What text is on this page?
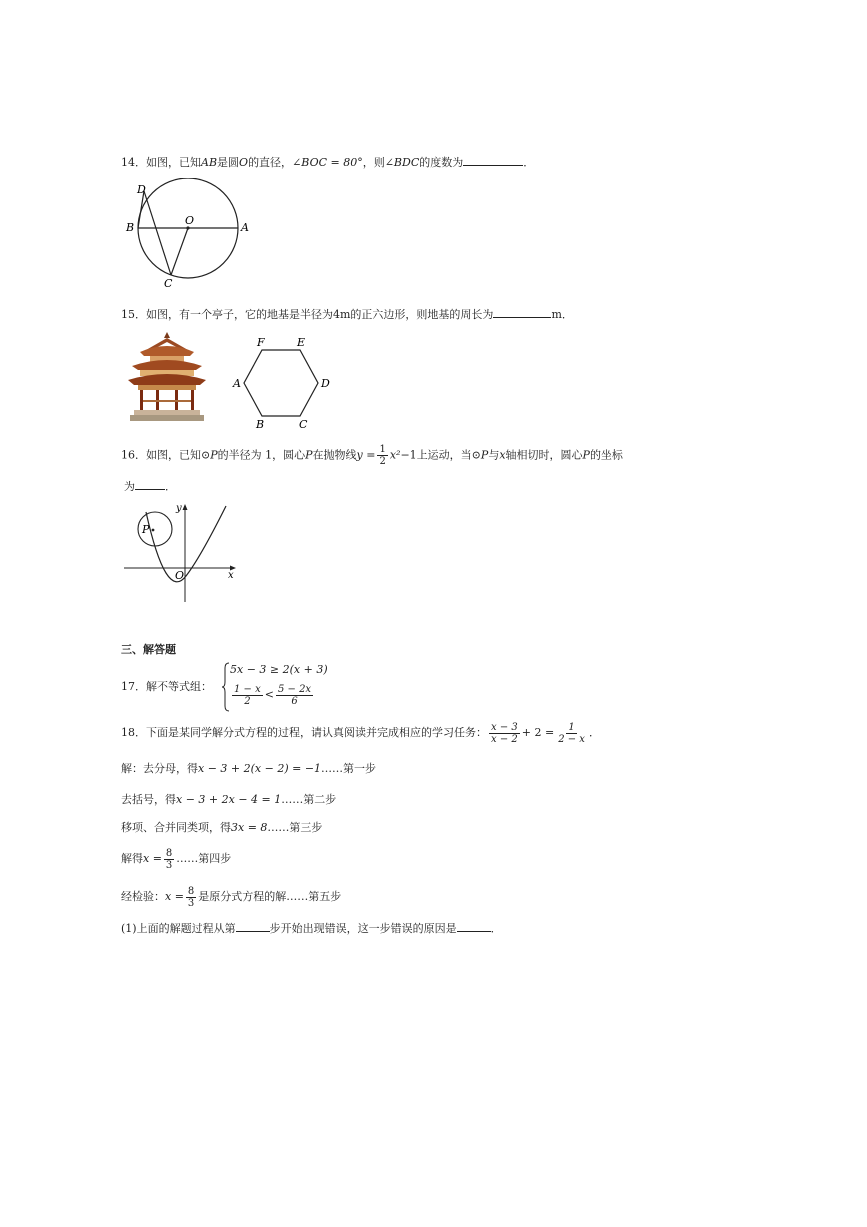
14．如图，已知AB是圆O的直径，∠BOC = 80°，则∠BDC的度数为	．
D
O
B	A
C
15．如图，有一个亭子，它的地基是半径为4m的正六边形，则地基的周长为	m．
F	E
A	D
B	C
16．如图，已知⊙P的半径为 1，圆心P在抛物线$y = \frac{1}{2} x^2-1$上运动，当⊙P与x轴相切时，圆心P的坐标
为	．
y
P
O	x
三、解答题
17．解不等式组：
5x − 3 ≥ 2(x + 3)
$\frac{1 - x}{2} < \frac{5 - 2x}{6}$
18．下面是某同学解分式方程的过程，请认真阅读并完成相应的学习任务： $\frac{x - 3}{x - 2} + 2 = \frac{1}{2 - x}$ ．
解：去分母，得x − 3 + 2(x − 2) = −1……第一步
去括号，得x − 3 + 2x − 4 = 1……第二步
移项、合并同类项，得3x = 8……第三步
解得$x = \frac{8}{3}$ ……第四步
经检验：$x = \frac{8}{3}$ 是原分式方程的解……第五步
(1)上面的解题过程从第	步开始出现错误，这一步错误的原因是	．
